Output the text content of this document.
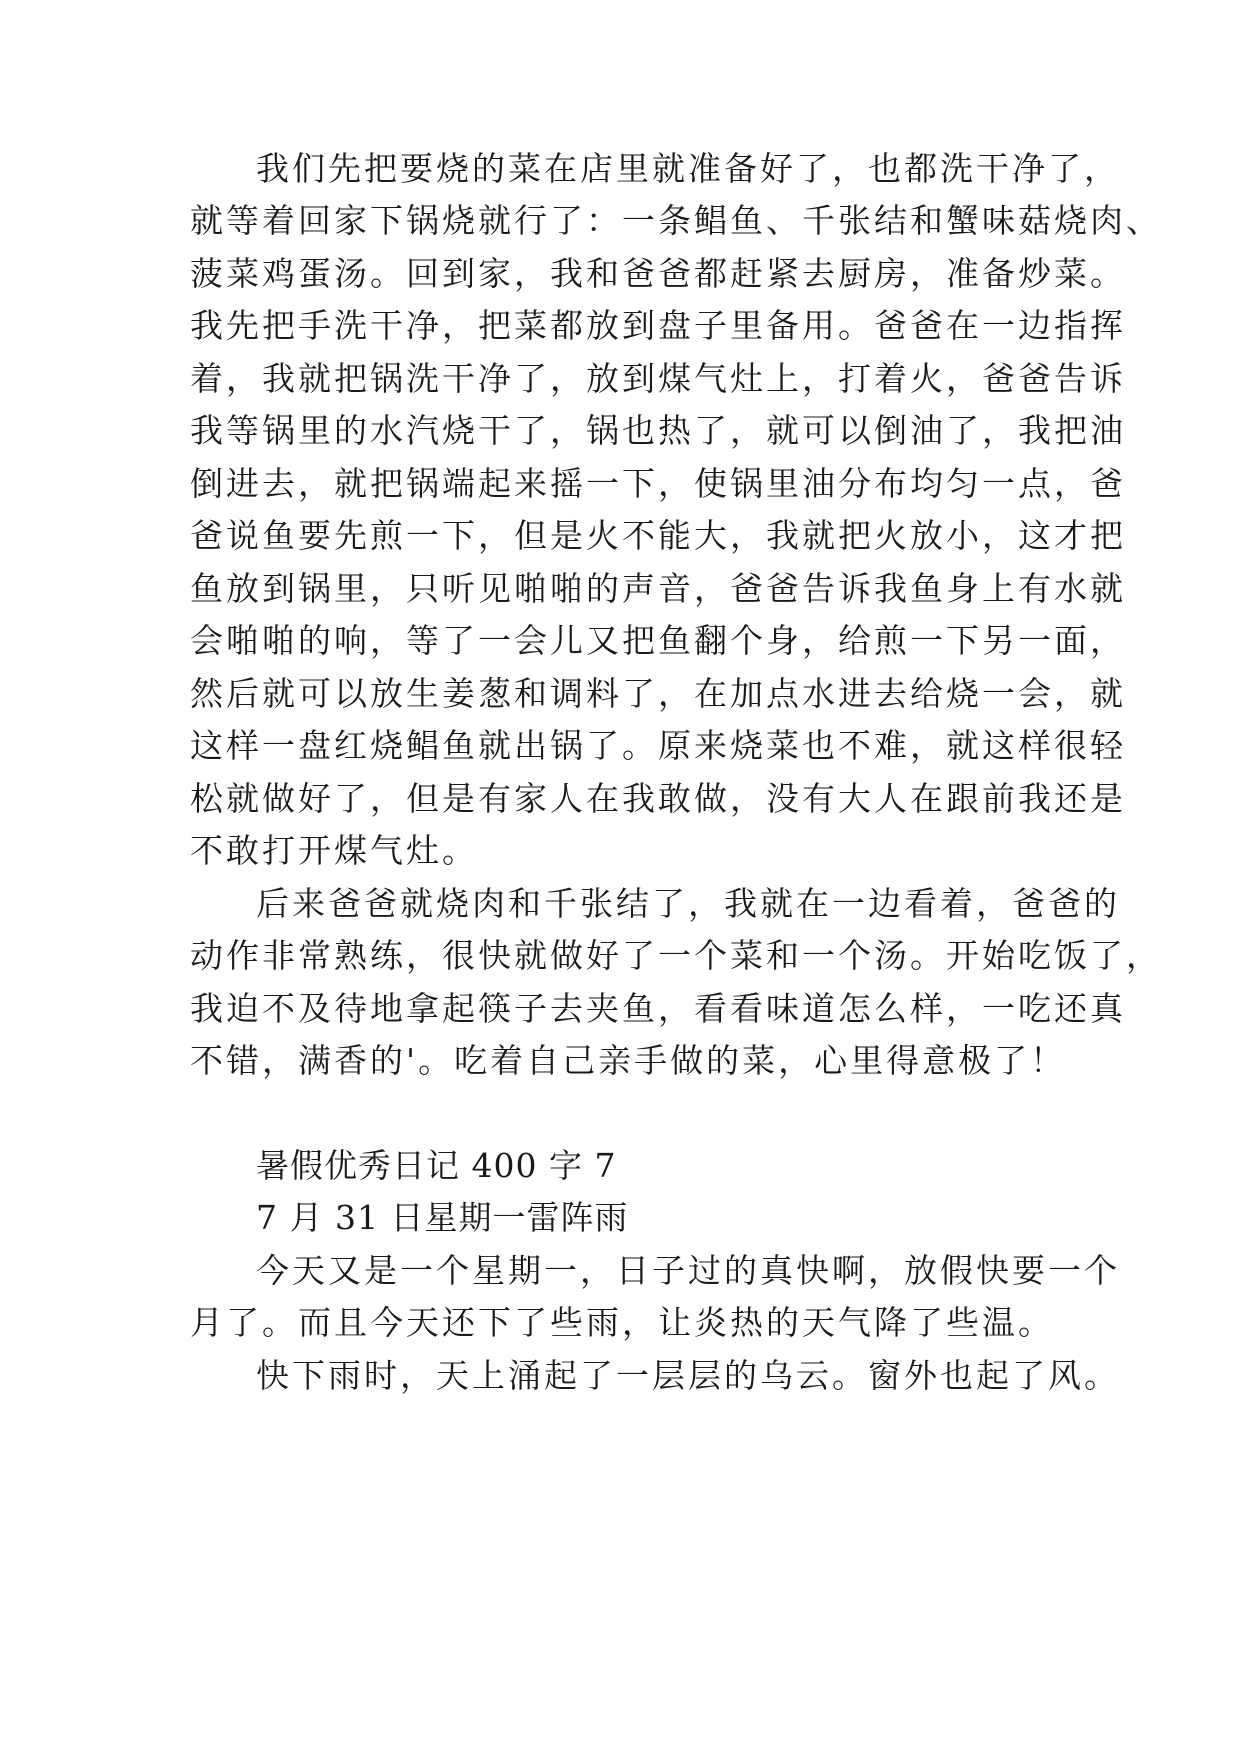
我们先把要烧的菜在店里就准备好了，也都洗干净了，
就等着回家下锅烧就行了：一条鲳鱼、千张结和蟹味菇烧肉、
菠菜鸡蛋汤。回到家，我和爸爸都赶紧去厨房，准备炒菜。
我先把手洗干净，把菜都放到盘子里备用。爸爸在一边指挥
着，我就把锅洗干净了，放到煤气灶上，打着火，爸爸告诉
我等锅里的水汽烧干了，锅也热了，就可以倒油了，我把油
倒进去，就把锅端起来摇一下，使锅里油分布均匀一点，爸
爸说鱼要先煎一下，但是火不能大，我就把火放小，这才把
鱼放到锅里，只听见啪啪的声音，爸爸告诉我鱼身上有水就
会啪啪的响，等了一会儿又把鱼翻个身，给煎一下另一面，
然后就可以放生姜葱和调料了，在加点水进去给烧一会，就
这样一盘红烧鲳鱼就出锅了。原来烧菜也不难，就这样很轻
松就做好了，但是有家人在我敢做，没有大人在跟前我还是
不敢打开煤气灶。
后来爸爸就烧肉和千张结了，我就在一边看着，爸爸的
动作非常熟练，很快就做好了一个菜和一个汤。开始吃饭了，
我迫不及待地拿起筷子去夹鱼，看看味道怎么样，一吃还真
不错，满香的'。吃着自己亲手做的菜，心里得意极了！
暑假优秀日记 400 字 7
7 月 31 日星期一雷阵雨
今天又是一个星期一，日子过的真快啊，放假快要一个
月了。而且今天还下了些雨，让炎热的天气降了些温。
快下雨时，天上涌起了一层层的乌云。窗外也起了风。
